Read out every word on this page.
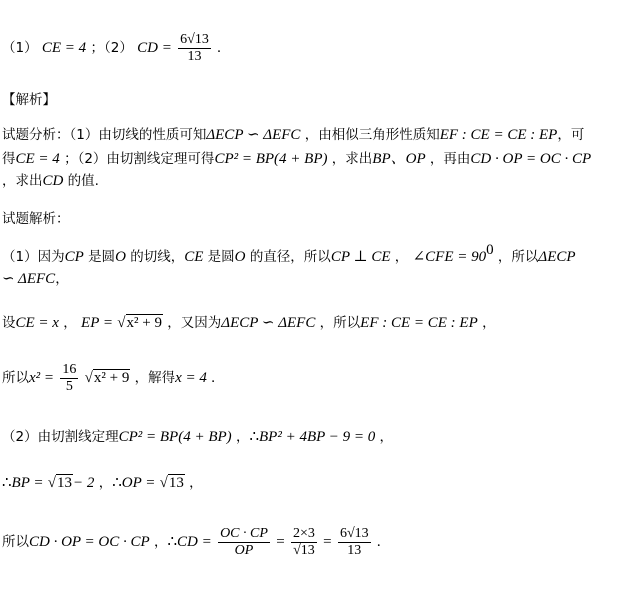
（1） CE = 4 ；（2） CD = $\frac{6√13}{13}$ .
【解析】
试题分析：（1）由切线的性质可知ΔECP ∽ ΔEFC ，由相似三角形性质知EF : CE = CE : EP，可
得CE = 4 ；（2）由切割线定理可得CP² = BP(4 + BP) ，求出BP、OP ，再由CD · OP = OC · CP
，求出CD 的值.
试题解析：
（1）因为CP 是圆O 的切线，CE 是圆O 的直径，所以CP ⊥ CE ， ∠CFE = $90^0$ ，所以ΔECP
∽ ΔEFC，
设CE = x ， EP = √x² + 9 ，又因为ΔECP ∽ ΔEFC ，所以EF : CE = CE : EP ，
所以$x^2 = \frac{16}{5} √x^2 + 9$ ，解得x = 4 .
（2）由切割线定理CP² = BP(4 + BP) ，∴BP² + 4BP − 9 = 0 ，
∴BP = √13− 2 ，∴OP = √13 ，
所以CD · OP = OC · CP ，∴CD = $\frac{OC \cdot CP}{OP} = \frac{2\times 3}{√13} = \frac{6√13}{13}$ .
